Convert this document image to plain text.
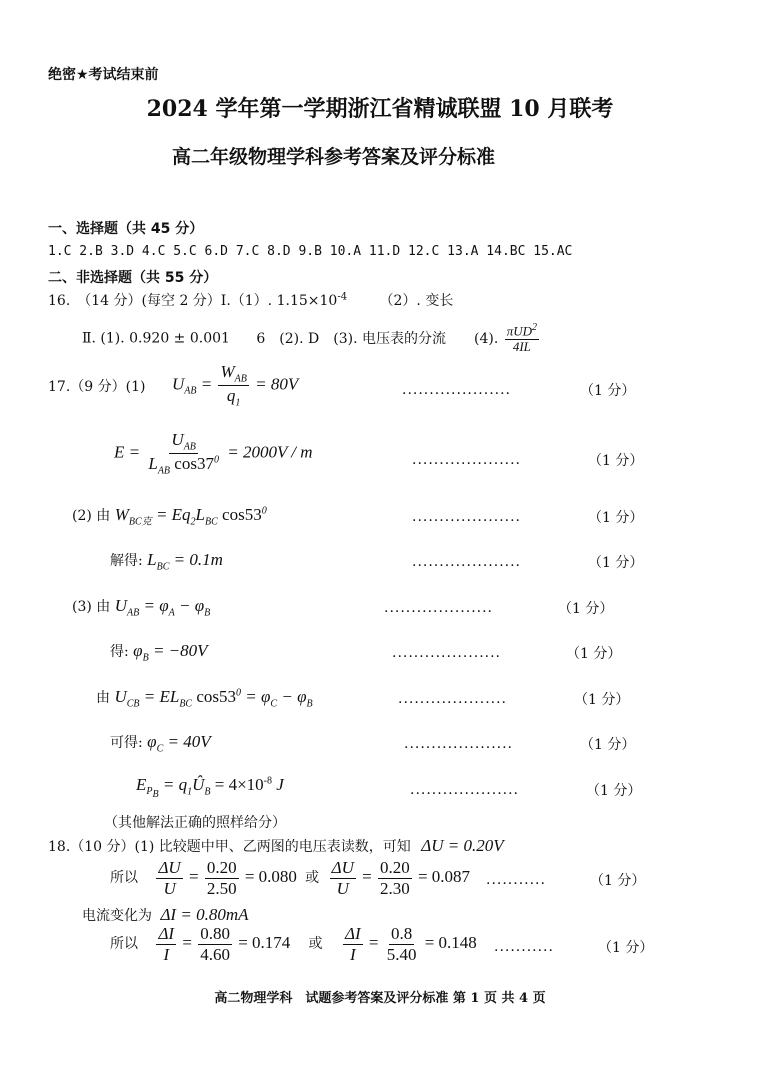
绝密★考试结束前
2024 学年第一学期浙江省精诚联盟 10 月联考
高二年级物理学科参考答案及评分标准
一、选择题（共 45 分）
1.C 2.B 3.D 4.C 5.C 6.D 7.C 8.D 9.B 10.A 11.D 12.C 13.A 14.BC 15.AC
二、非选择题（共 55 分）
16.　（14 分）(每空 2 分）Ⅰ.（1）. $1.15\times 10^{-4}$ （2）. 变长
Ⅱ. (1). 0.920 ± 0.001 6　(2). D　(3). 电压表的分流　　(4). $\frac{\pi UD^2}{4IL}$
17.（9 分）(1) $U_{AB} = \frac{W_{AB}}{q_1} = 80V$	....................	（1 分）
$E = \frac{U_{AB}}{L_{AB} \cos 37^0} = 2000V / m$	....................	（1 分）
(2) 由 $W_{BC克} = Eq_2L_{BC}$ $\cos 53^0$	....................	（1 分）
解得: $L_{BC} = 0.1m$	....................	（1 分）
(3) 由 $U_{AB} = \varphi_A - \varphi_B$	....................	（1 分）
得: $\varphi_B = -80V$	....................	（1 分）
由 $U_{CB} = EL_{BC}$ $\cos 53^0 = \varphi_C - \varphi_B$	....................	（1 分）
可得: $\varphi_C = 40V$	....................	（1 分）
$E_{P_B}$ = $q_1Û_B = 4\times 10^{-8}$ J	....................	（1 分）
（其他解法正确的照样给分）
18.（10 分）(1) 比较题中甲、乙两图的电压表读数，可知 ΔU = 0.20V
所以 $\frac{\Delta U}{U} = \frac{0.20}{2.50} = 0.080$ 或 $\frac{\Delta U}{U} = \frac{0.20}{2.30} = 0.087$ ...........	（1 分）
电流变化为 ΔI = 0.80mA
所以 $\frac{\Delta I}{I} = \frac{0.80}{4.60} = 0.174$ 或 $\frac{\Delta I}{I} = \frac{0.8}{5.40} = 0.148$ ...........	（1 分）
高二物理学科　试题参考答案及评分标准 第 1 页 共 4 页
